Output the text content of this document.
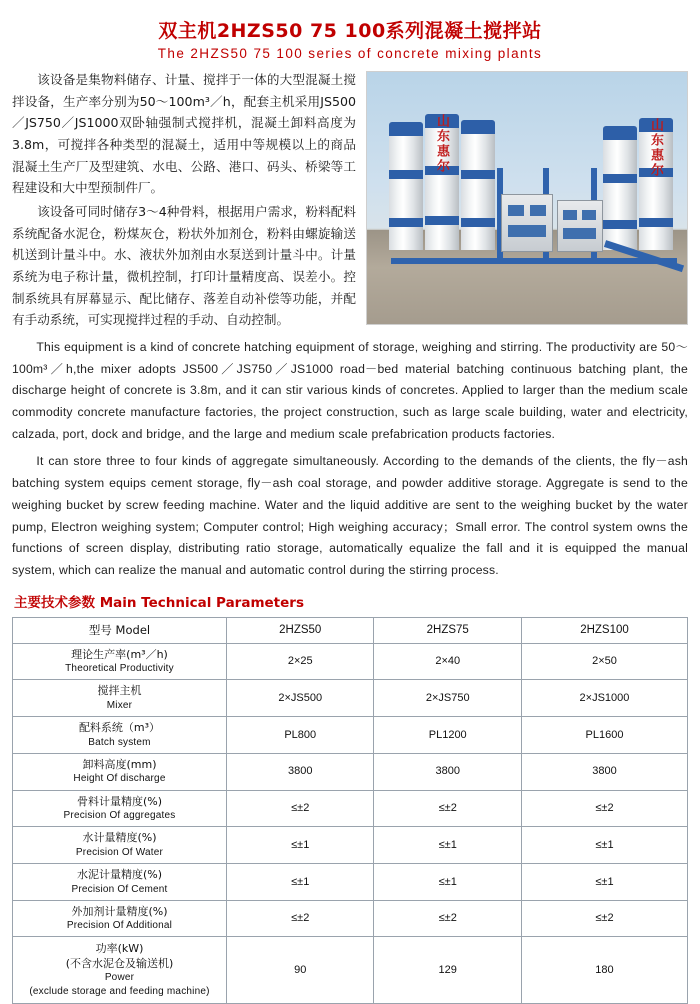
双主机2HZS50 75 100系列混凝土搅拌站
The 2HZS50 75 100 series of concrete mixing plants
山东惠尔	山东惠尔

该设备是集物料储存、计量、搅拌于一体的大型混凝土搅拌设备，生产率分别为50～100m³／h，配套主机采用JS500／JS750／JS1000双卧轴强制式搅拌机，混凝土卸料高度为3.8m，可搅拌各种类型的混凝土，适用中等规模以上的商品混凝土生产厂及型建筑、水电、公路、港口、码头、桥梁等工程建设和大中型预制件厂。

该设备可同时储存3～4种骨料，根据用户需求，粉料配料系统配备水泥仓，粉煤灰仓，粉状外加剂仓，粉料由螺旋输送机送到计量斗中。水、液状外加剂由水泵送到计量斗中。计量系统为电子称计量，微机控制，打印计量精度高、误差小。控制系统具有屏幕显示、配比储存、落差自动补偿等功能，并配有手动系统，可实现搅拌过程的手动、自动控制。

This equipment is a kind of concrete hatching equipment of storage, weighing and stirring. The productivity are 50～100m³／h,the mixer adopts JS500／JS750／JS1000 road－bed material batching continuous batching plant, the discharge height of concrete is 3.8m, and it can stir various kinds of concretes. Applied to larger than the medium scale commodity concrete manufacture factories, the project construction, such as large scale building, water and electricity, calzada, port, dock and bridge, and the large and medium scale prefabrication products factories.

It can store three to four kinds of aggregate simultaneously. According to the demands of the clients, the fly－ash batching system equips cement storage, fly－ash coal storage, and powder additive storage. Aggregate is send to the weighing bucket by screw feeding machine. Water and the liquid additive are sent to the weighing bucket by the water pump, Electron weighing system; Computer control; High weighing accuracy；Small error. The control system owns the functions of screen display, distributing ratio storage, automatically equalize the fall and it is equipped the manual system, which can realize the manual and automatic control during the stirring process.

主要技术参数 Main Technical Parameters
型号 Model	2HZS50	2HZS75	2HZS100

理论生产率(m³／h)
Theoretical Productivity	2×25	2×40	2×50

搅拌主机
Mixer	2×JS500	2×JS750	2×JS1000

配料系统（m³）
Batch system	PL800	PL1200	PL1600

卸料高度(mm)
Height Of discharge	3800	3800	3800

骨料计量精度(%)
Precision Of aggregates	≤±2	≤±2	≤±2

水计量精度(%)
Precision Of Water	≤±1	≤±1	≤±1

水泥计量精度(%)
Precision Of Cement	≤±1	≤±1	≤±1

外加剂计量精度(%)
Precision Of Additional	≤±2	≤±2	≤±2

功率(kW)
(不含水泥仓及输送机)
Power
(exclude storage and feeding machine)	90	129	180
